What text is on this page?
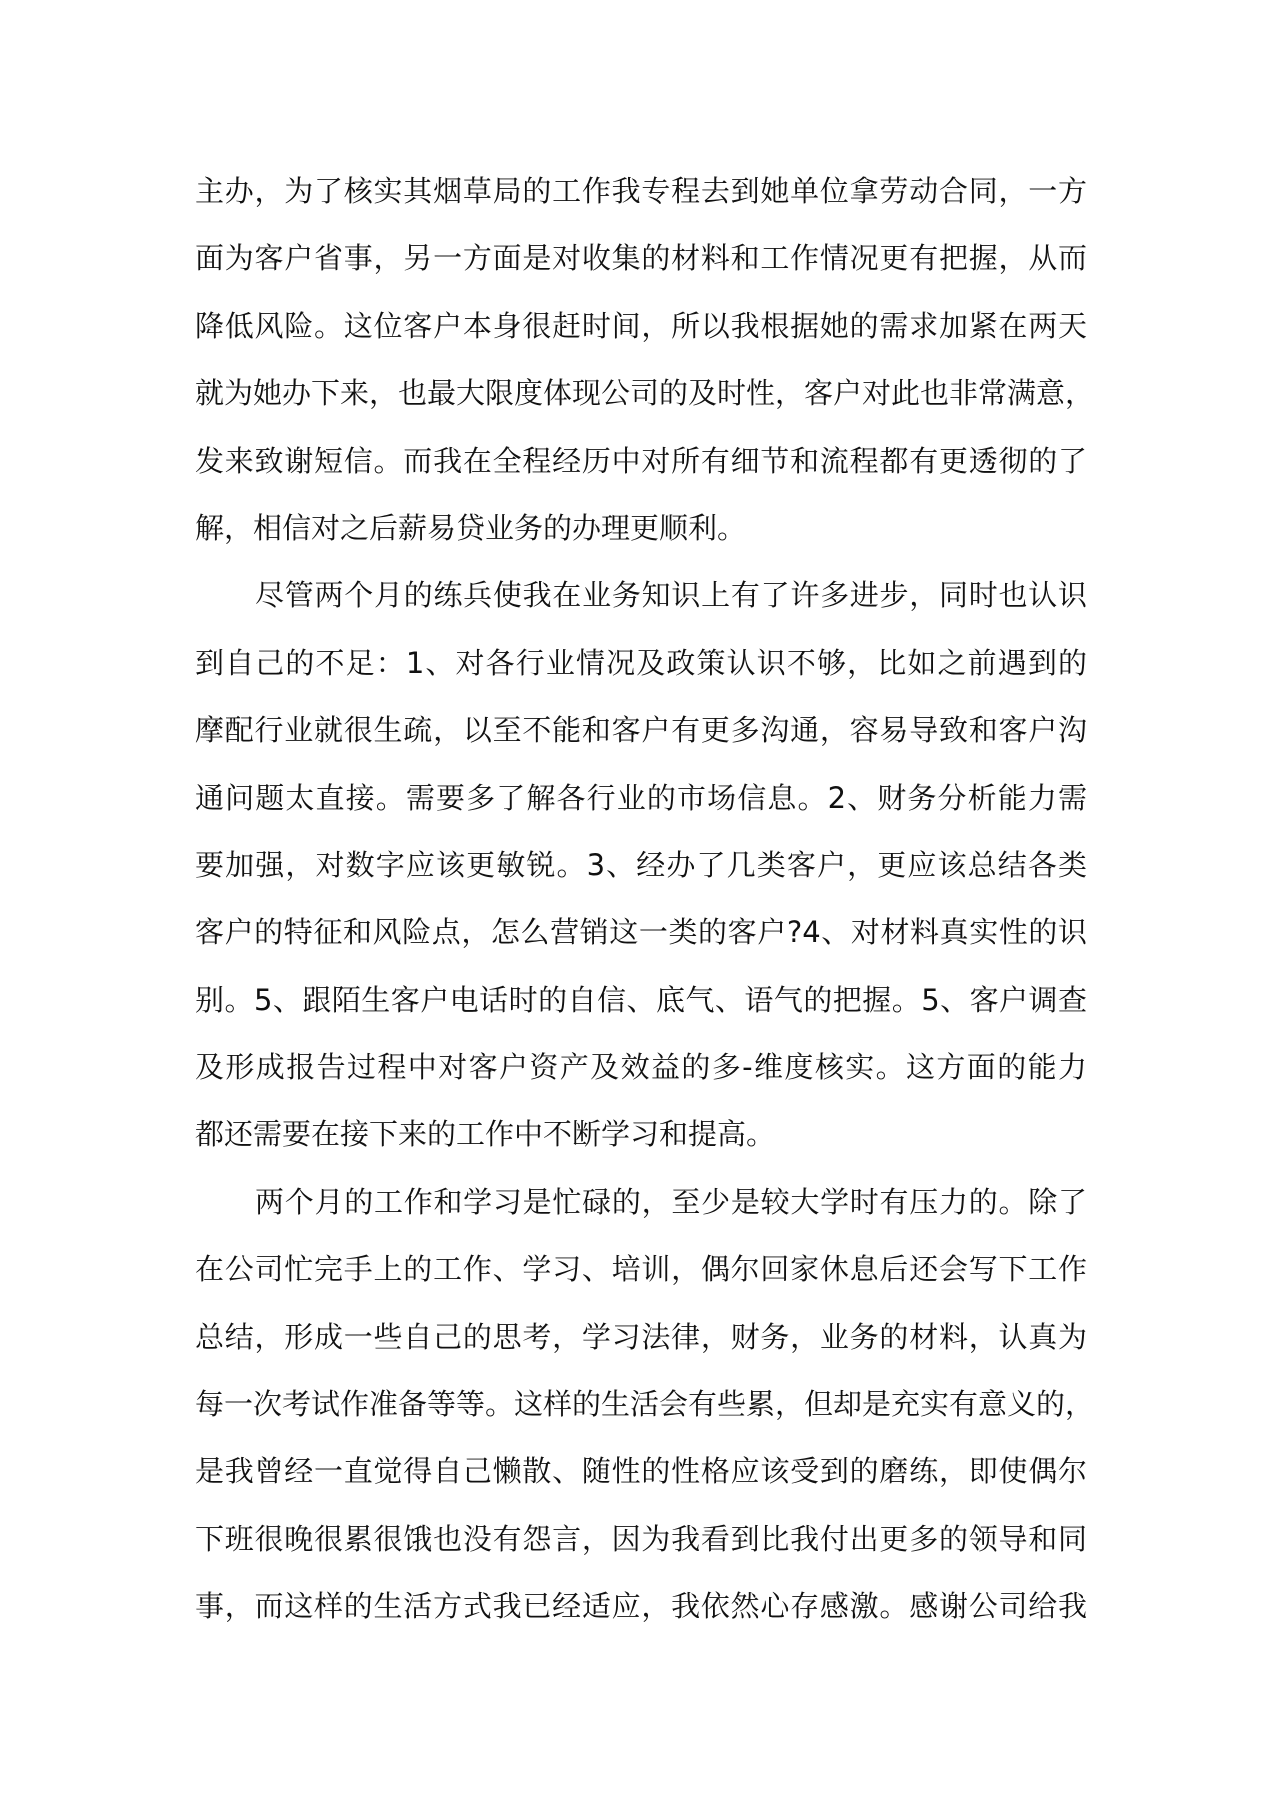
主办，为了核实其烟草局的工作我专程去到她单位拿劳动合同，一方
面为客户省事，另一方面是对收集的材料和工作情况更有把握，从而
降低风险。这位客户本身很赶时间，所以我根据她的需求加紧在两天
就为她办下来，也最大限度体现公司的及时性，客户对此也非常满意，
发来致谢短信。而我在全程经历中对所有细节和流程都有更透彻的了
解，相信对之后薪易贷业务的办理更顺利。
尽管两个月的练兵使我在业务知识上有了许多进步，同时也认识
到自己的不足：1、对各行业情况及政策认识不够，比如之前遇到的
摩配行业就很生疏，以至不能和客户有更多沟通，容易导致和客户沟
通问题太直接。需要多了解各行业的市场信息。2、财务分析能力需
要加强，对数字应该更敏锐。3、经办了几类客户，更应该总结各类
客户的特征和风险点，怎么营销这一类的客户?4、对材料真实性的识
别。5、跟陌生客户电话时的自信、底气、语气的把握。5、客户调查
及形成报告过程中对客户资产及效益的多-维度核实。这方面的能力
都还需要在接下来的工作中不断学习和提高。
两个月的工作和学习是忙碌的，至少是较大学时有压力的。除了
在公司忙完手上的工作、学习、培训，偶尔回家休息后还会写下工作
总结，形成一些自己的思考，学习法律，财务，业务的材料，认真为
每一次考试作准备等等。这样的生活会有些累，但却是充实有意义的，
是我曾经一直觉得自己懒散、随性的性格应该受到的磨练，即使偶尔
下班很晚很累很饿也没有怨言，因为我看到比我付出更多的领导和同
事，而这样的生活方式我已经适应，我依然心存感激。感谢公司给我
